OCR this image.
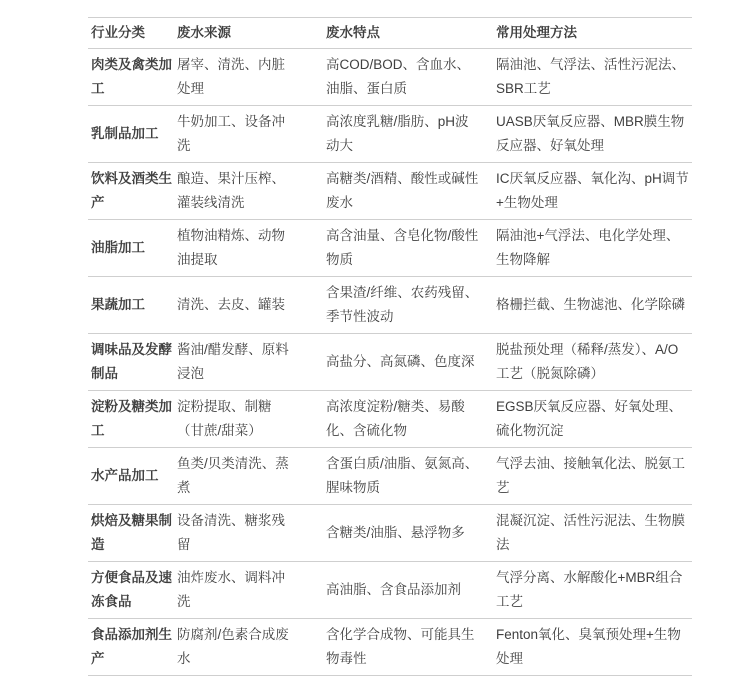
行业分类	废水来源	废水特点	常用处理方法
肉类及禽类加工	屠宰、清洗、内脏处理	高COD/BOD、含血水、油脂、蛋白质	隔油池、气浮法、活性污泥法、SBR工艺
乳制品加工	牛奶加工、设备冲洗	高浓度乳糖/脂肪、pH波动大	UASB厌氧反应器、MBR膜生物反应器、好氧处理
饮料及酒类生产	酿造、果汁压榨、灌装线清洗	高糖类/酒精、酸性或碱性废水	IC厌氧反应器、氧化沟、pH调节+生物处理
油脂加工	植物油精炼、动物油提取	高含油量、含皂化物/酸性物质	隔油池+气浮法、电化学处理、生物降解
果蔬加工	清洗、去皮、罐装	含果渣/纤维、农药残留、季节性波动	格栅拦截、生物滤池、化学除磷
调味品及发酵制品	酱油/醋发酵、原料浸泡	高盐分、高氮磷、色度深	脱盐预处理（稀释/蒸发）、A/O工艺（脱氮除磷）
淀粉及糖类加工	淀粉提取、制糖（甘蔗/甜菜）	高浓度淀粉/糖类、易酸化、含硫化物	EGSB厌氧反应器、好氧处理、硫化物沉淀
水产品加工	鱼类/贝类清洗、蒸煮	含蛋白质/油脂、氨氮高、腥味物质	气浮去油、接触氧化法、脱氨工艺
烘焙及糖果制造	设备清洗、糖浆残留	含糖类/油脂、悬浮物多	混凝沉淀、活性污泥法、生物膜法
方便食品及速冻食品	油炸废水、调料冲洗	高油脂、含食品添加剂	气浮分离、水解酸化+MBR组合工艺
食品添加剂生产	防腐剂/色素合成废水	含化学合成物、可能具生物毒性	Fenton氧化、臭氧预处理+生物处理
